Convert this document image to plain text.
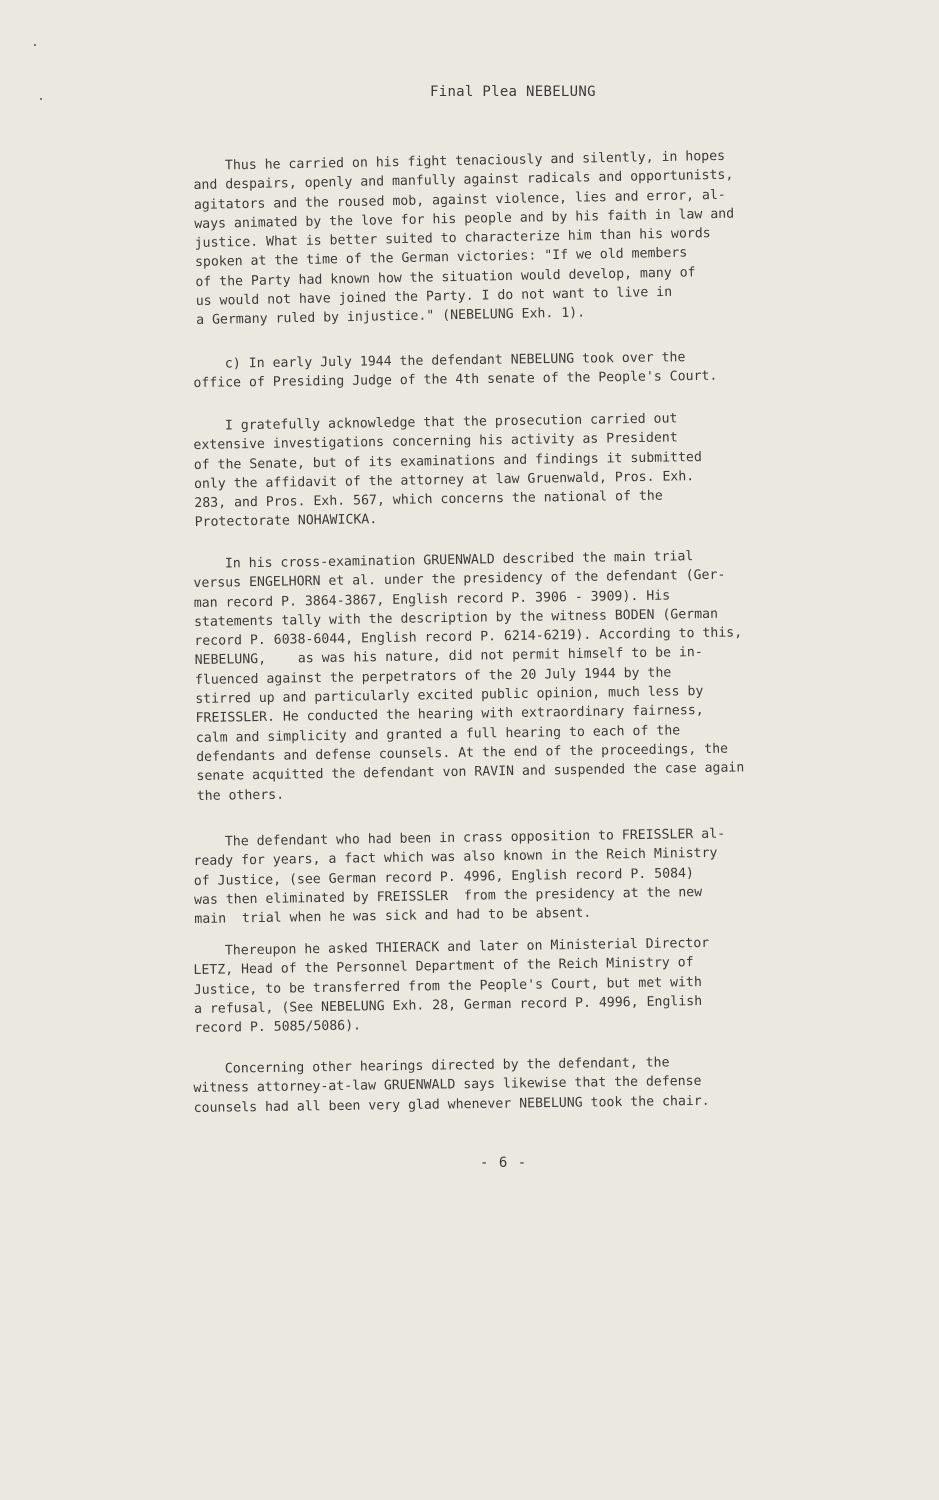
Final Plea NEBELUNG
Thus he carried on his fight tenaciously and silently, in hopes
and despairs, openly and manfully against radicals and opportunists,
agitators and the roused mob, against violence, lies and error, al-
ways animated by the love for his people and by his faith in law and
justice. What is better suited to characterize him than his words
spoken at the time of the German victories: "If we old members
of the Party had known how the situation would develop, many of
us would not have joined the Party. I do not want to live in
a Germany ruled by injustice." (NEBELUNG Exh. 1).
c) In early July 1944 the defendant NEBELUNG took over the
office of Presiding Judge of the 4th senate of the People's Court.
I gratefully acknowledge that the prosecution carried out
extensive investigations concerning his activity as President
of the Senate, but of its examinations and findings it submitted
only the affidavit of the attorney at law Gruenwald, Pros. Exh.
283, and Pros. Exh. 567, which concerns the national of the
Protectorate NOHAWICKA.
In his cross-examination GRUENWALD described the main trial
versus ENGELHORN et al. under the presidency of the defendant (Ger-
man record P. 3864-3867, English record P. 3906 - 3909). His
statements tally with the description by the witness BODEN (German
record P. 6038-6044, English record P. 6214-6219). According to this,
NEBELUNG,    as was his nature, did not permit himself to be in-
fluenced against the perpetrators of the 20 July 1944 by the
stirred up and particularly excited public opinion, much less by
FREISSLER. He conducted the hearing with extraordinary fairness,
calm and simplicity and granted a full hearing to each of the
defendants and defense counsels. At the end of the proceedings, the
senate acquitted the defendant von RAVIN and suspended the case again
the others.
The defendant who had been in crass opposition to FREISSLER al-
ready for years, a fact which was also known in the Reich Ministry
of Justice, (see German record P. 4996, English record P. 5084)
was then eliminated by FREISSLER  from the presidency at the new
main  trial when he was sick and had to be absent.
Thereupon he asked THIERACK and later on Ministerial Director
LETZ, Head of the Personnel Department of the Reich Ministry of
Justice, to be transferred from the People's Court, but met with
a refusal, (See NEBELUNG Exh. 28, German record P. 4996, English
record P. 5085/5086).
Concerning other hearings directed by the defendant, the
witness attorney-at-law GRUENWALD says likewise that the defense
counsels had all been very glad whenever NEBELUNG took the chair.
- 6 -
